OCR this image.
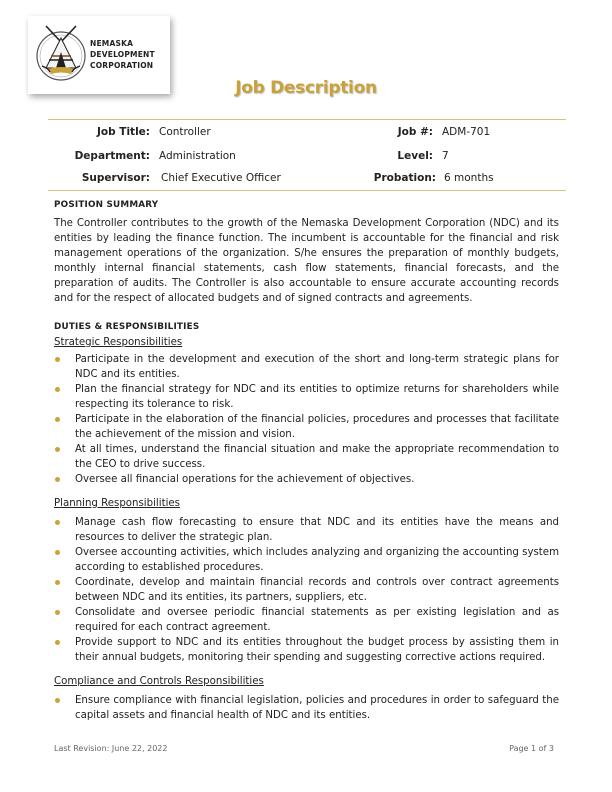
NEMASKA
DEVELOPMENT
CORPORATION
Job Description
Job Title: Controller	Job #: ADM-701
Department: Administration	Level: 7
Supervisor: Chief Executive Officer	Probation: 6 months
POSITION SUMMARY
The Controller contributes to the growth of the Nemaska Development Corporation (NDC) and its entities by leading the finance function. The incumbent is accountable for the financial and risk management operations of the organization. S/he ensures the preparation of monthly budgets, monthly internal financial statements, cash flow statements, financial forecasts, and the preparation of audits. The Controller is also accountable to ensure accurate accounting records and for the respect of allocated budgets and of signed contracts and agreements.
DUTIES & RESPONSIBILITIES
Strategic Responsibilities
Participate in the development and execution of the short and long-term strategic plans for NDC and its entities.
Plan the financial strategy for NDC and its entities to optimize returns for shareholders while respecting its tolerance to risk.
Participate in the elaboration of the financial policies, procedures and processes that facilitate the achievement of the mission and vision.
At all times, understand the financial situation and make the appropriate recommendation to the CEO to drive success.
Oversee all financial operations for the achievement of objectives.
Planning Responsibilities
Manage cash flow forecasting to ensure that NDC and its entities have the means and resources to deliver the strategic plan.
Oversee accounting activities, which includes analyzing and organizing the accounting system according to established procedures.
Coordinate, develop and maintain financial records and controls over contract agreements between NDC and its entities, its partners, suppliers, etc.
Consolidate and oversee periodic financial statements as per existing legislation and as required for each contract agreement.
Provide support to NDC and its entities throughout the budget process by assisting them in their annual budgets, monitoring their spending and suggesting corrective actions required.
Compliance and Controls Responsibilities
Ensure compliance with financial legislation, policies and procedures in order to safeguard the capital assets and financial health of NDC and its entities.
Last Revision: June 22, 2022	Page 1 of 3
